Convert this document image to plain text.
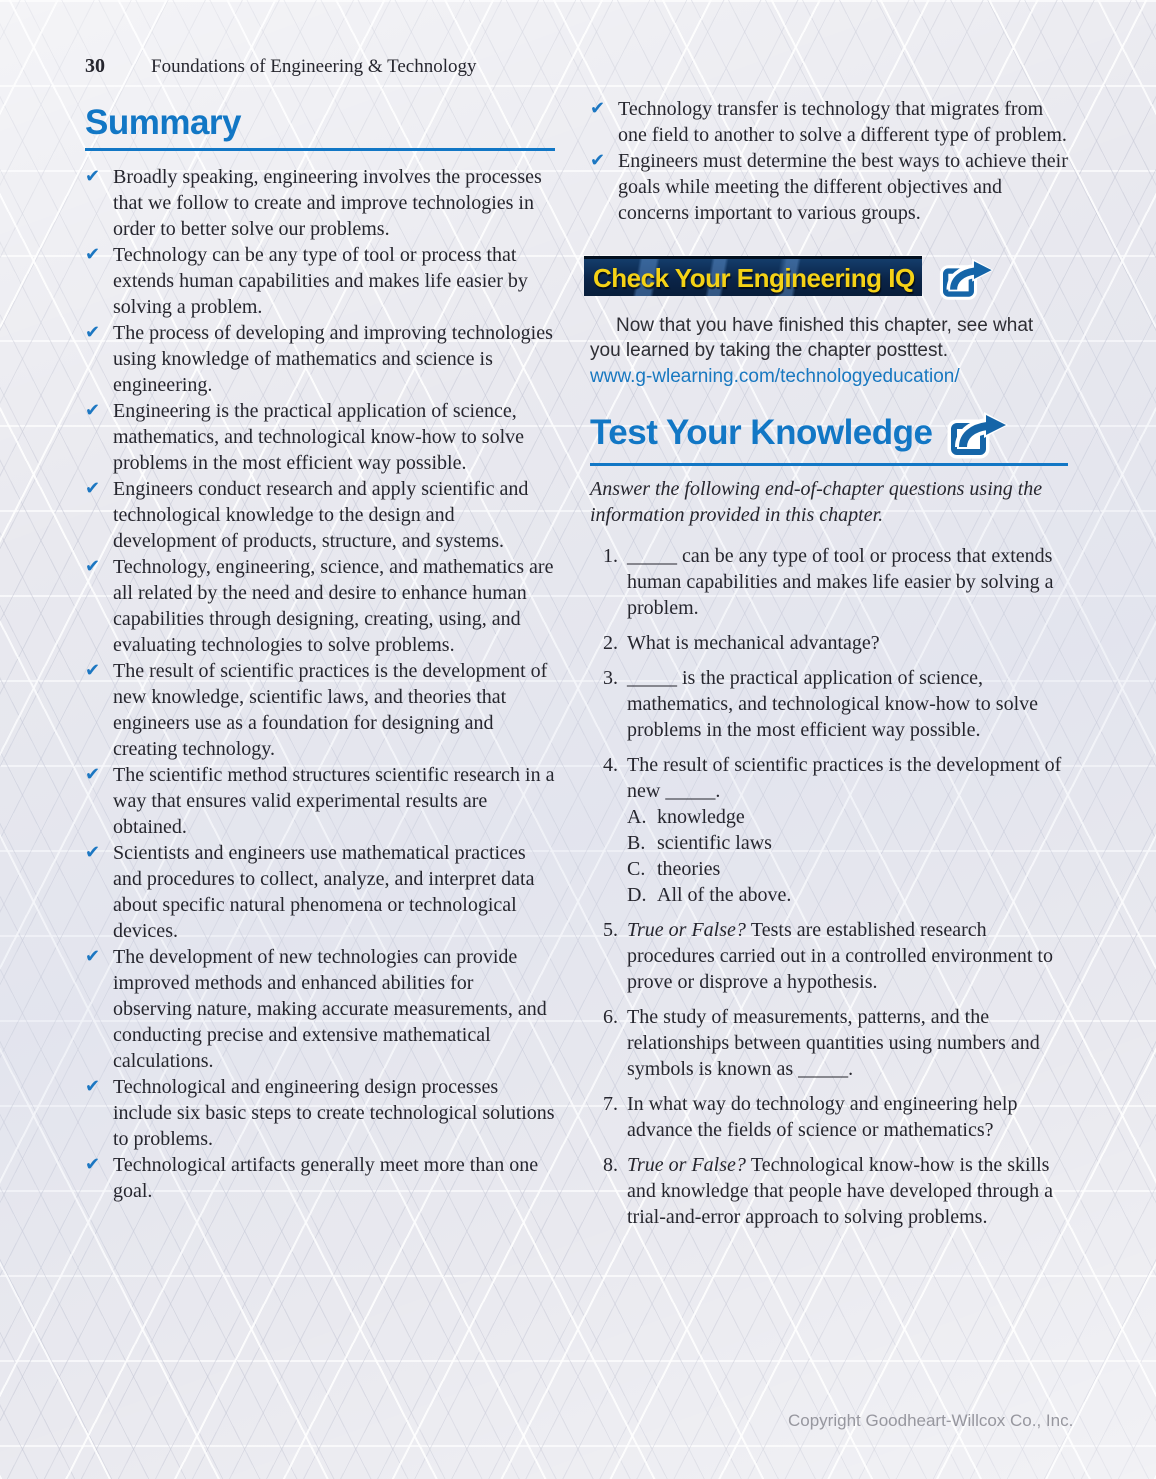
30 Foundations of Engineering & Technology
Summary
✔ Broadly speaking, engineering involves the processes that we follow to create and improve technologies in order to better solve our problems.
✔ Technology can be any type of tool or process that extends human capabilities and makes life easier by solving a problem.
✔ The process of developing and improving technologies using knowledge of mathematics and science is engineering.
✔ Engineering is the practical application of science, mathematics, and technological know-how to solve problems in the most efficient way possible.
✔ Engineers conduct research and apply scientific and technological knowledge to the design and development of products, structure, and systems.
✔ Technology, engineering, science, and mathematics are all related by the need and desire to enhance human capabilities through designing, creating, using, and evaluating technologies to solve problems.
✔ The result of scientific practices is the development of new knowledge, scientific laws, and theories that engineers use as a foundation for designing and creating technology.
✔ The scientific method structures scientific research in a way that ensures valid experimental results are obtained.
✔ Scientists and engineers use mathematical practices and procedures to collect, analyze, and interpret data about specific natural phenomena or technological devices.
✔ The development of new technologies can provide improved methods and enhanced abilities for observing nature, making accurate measurements, and conducting precise and extensive mathematical calculations.
✔ Technological and engineering design processes include six basic steps to create technological solutions to problems.
✔ Technological artifacts generally meet more than one goal.
✔ Technology transfer is technology that migrates from one field to another to solve a different type of problem.
✔ Engineers must determine the best ways to achieve their goals while meeting the different objectives and concerns important to various groups.
Check Your Engineering IQ
Now that you have finished this chapter, see what you learned by taking the chapter posttest.
www.g-wlearning.com/technologyeducation/
Test Your Knowledge
Answer the following end-of-chapter questions using the information provided in this chapter.
1. _____ can be any type of tool or process that extends human capabilities and makes life easier by solving a problem.
2. What is mechanical advantage?
3. _____ is the practical application of science, mathematics, and technological know-how to solve problems in the most efficient way possible.
4. The result of scientific practices is the development of new _____.
A. knowledge
B. scientific laws
C. theories
D. All of the above.
5. True or False? Tests are established research procedures carried out in a controlled environment to prove or disprove a hypothesis.
6. The study of measurements, patterns, and the relationships between quantities using numbers and symbols is known as _____.
7. In what way do technology and engineering help advance the fields of science or mathematics?
8. True or False? Technological know-how is the skills and knowledge that people have developed through a trial-and-error approach to solving problems.
Copyright Goodheart-Willcox Co., Inc.
